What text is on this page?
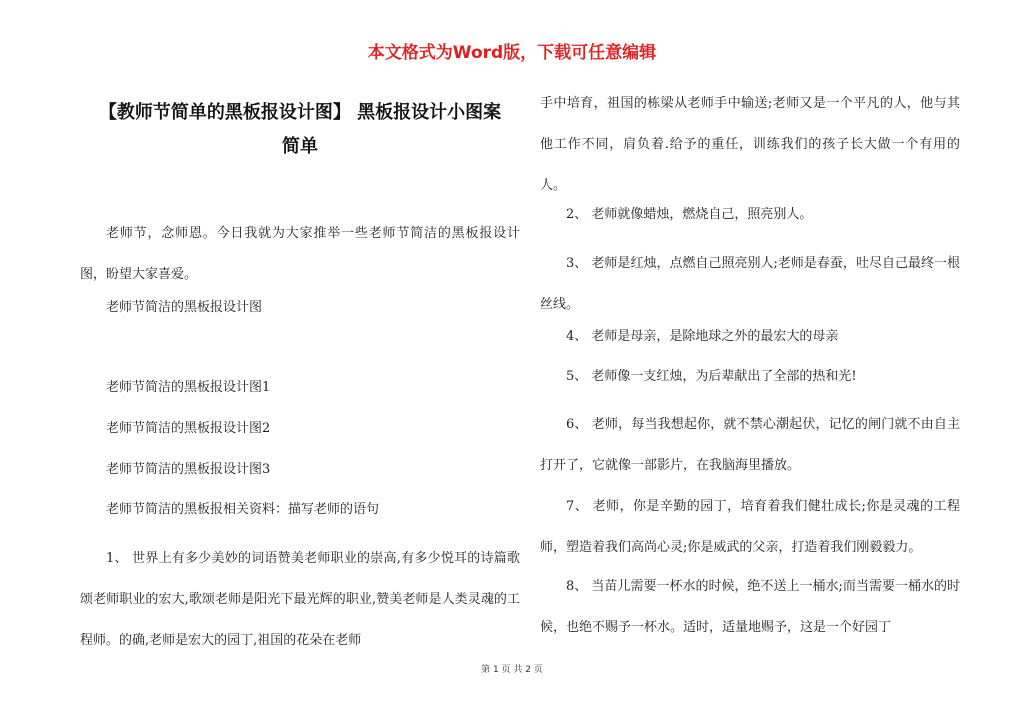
本文格式为Word版，下载可任意编辑
【教师节简单的黑板报设计图】 黑板报设计小图案
简单
老师节，念师恩。今日我就为大家推举一些老师节简洁的黑板报设计图，盼望大家喜爱。
老师节简洁的黑板报设计图
老师节简洁的黑板报设计图1
老师节简洁的黑板报设计图2
老师节简洁的黑板报设计图3
老师节简洁的黑板报相关资料：描写老师的语句
1、 世界上有多少美妙的词语赞美老师职业的崇高,有多少悦耳的诗篇歌颂老师职业的宏大,歌颂老师是阳光下最光辉的职业,赞美老师是人类灵魂的工程师。的确,老师是宏大的园丁,祖国的花朵在老师
手中培育，祖国的栋梁从老师手中输送;老师又是一个平凡的人，他与其他工作不同，肩负着.给予的重任，训练我们的孩子长大做一个有用的人。
2、 老师就像蜡烛，燃烧自己，照亮别人。
3、 老师是红烛，点燃自己照亮别人;老师是春蚕，吐尽自己最终一根丝线。
4、 老师是母亲，是除地球之外的最宏大的母亲
5、 老师像一支红烛，为后辈献出了全部的热和光!
6、 老师，每当我想起你，就不禁心潮起伏，记忆的闸门就不由自主打开了，它就像一部影片，在我脑海里播放。
7、 老师，你是辛勤的园丁，培育着我们健壮成长;你是灵魂的工程师，塑造着我们高尚心灵;你是威武的父亲，打造着我们刚毅毅力。
8、 当苗儿需要一杯水的时候，绝不送上一桶水;而当需要一桶水的时候，也绝不赐予一杯水。适时，适量地赐予，这是一个好园丁
第 1 页 共 2 页
